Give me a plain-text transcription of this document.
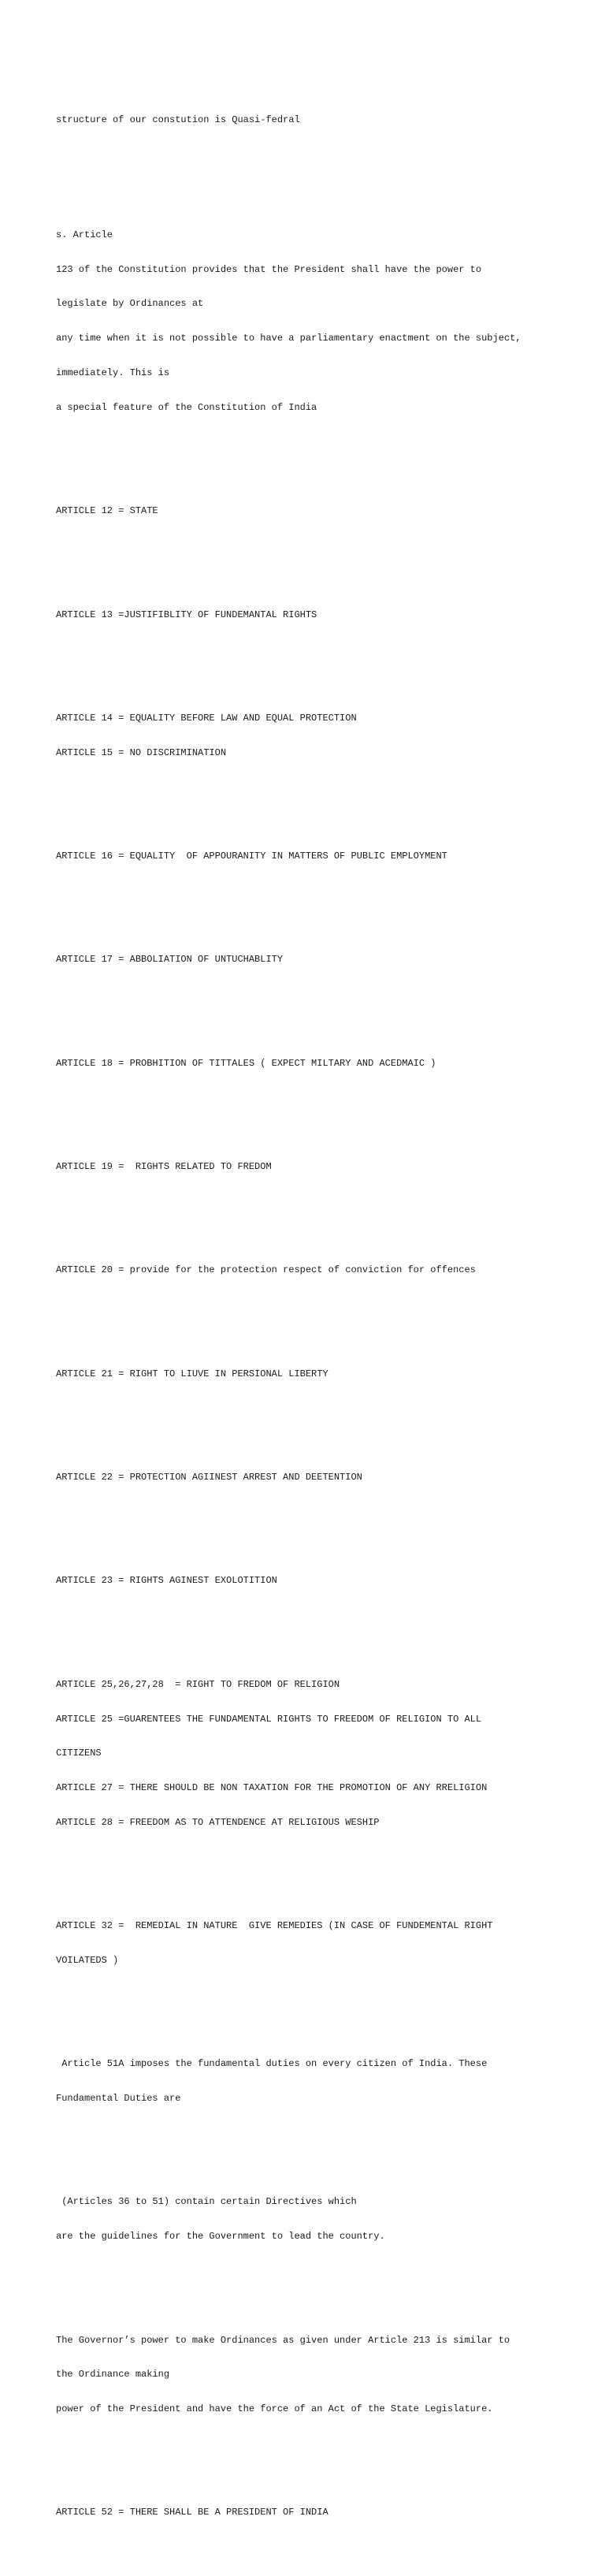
structure of our constution is Quasi-fedral

s. Article

123 of the Constitution provides that the President shall have the power to

legislate by Ordinances at

any time when it is not possible to have a parliamentary enactment on the subject,

immediately. This is

a special feature of the Constitution of India

ARTICLE 12 = STATE

ARTICLE 13 =JUSTIFIBLITY OF FUNDEMANTAL RIGHTS

ARTICLE 14 = EQUALITY BEFORE LAW AND EQUAL PROTECTION

ARTICLE 15 = NO DISCRIMINATION

ARTICLE 16 = EQUALITY  OF APPOURANITY IN MATTERS OF PUBLIC EMPLOYMENT

ARTICLE 17 = ABBOLIATION OF UNTUCHABLITY

ARTICLE 18 = PROBHITION OF TITTALES ( EXPECT MILTARY AND ACEDMAIC )

ARTICLE 19 =  RIGHTS RELATED TO FREDOM

ARTICLE 20 = provide for the protection respect of conviction for offences

ARTICLE 21 = RIGHT TO LIUVE IN PERSIONAL LIBERTY

ARTICLE 22 = PROTECTION AGIINEST ARREST AND DEETENTION

ARTICLE 23 = RIGHTS AGINEST EXOLOTITION

ARTICLE 25,26,27,28  = RIGHT TO FREDOM OF RELIGION

ARTICLE 25 =GUARENTEES THE FUNDAMENTAL RIGHTS TO FREEDOM OF RELIGION TO ALL

CITIZENS

ARTICLE 27 = THERE SHOULD BE NON TAXATION FOR THE PROMOTION OF ANY RRELIGION

ARTICLE 28 = FREEDOM AS TO ATTENDENCE AT RELIGIOUS WESHIP

ARTICLE 32 =  REMEDIAL IN NATURE  GIVE REMEDIES (IN CASE OF FUNDEMENTAL RIGHT

VOILATEDS )

Article 51A imposes the fundamental duties on every citizen of India. These

Fundamental Duties are

(Articles 36 to 51) contain certain Directives which

are the guidelines for the Government to lead the country.

The Governor’s power to make Ordinances as given under Article 213 is similar to

the Ordinance making

power of the President and have the force of an Act of the State Legislature.

ARTICLE 52 = THERE SHALL BE A PRESIDENT OF INDIA
